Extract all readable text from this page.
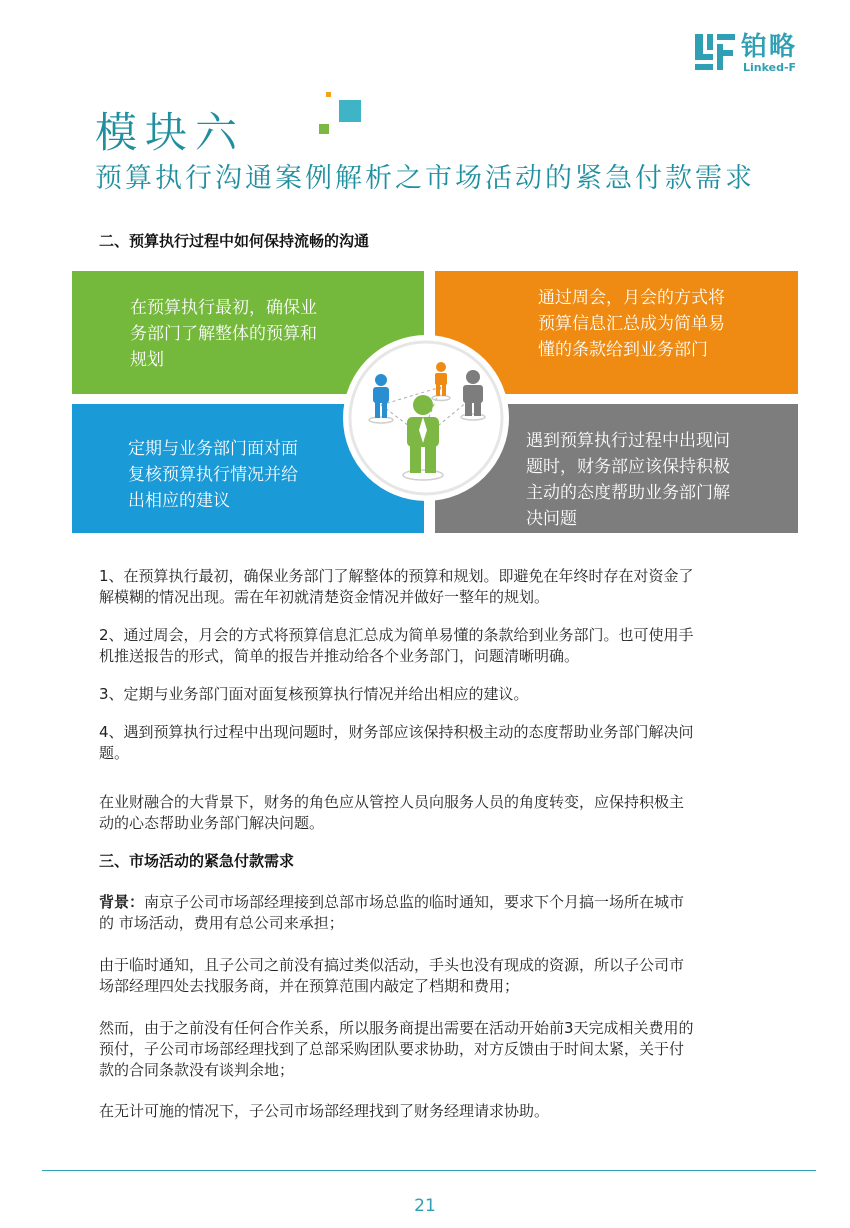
铂略
Linked-F
模块六
预算执行沟通案例解析之市场活动的紧急付款需求
二、预算执行过程中如何保持流畅的沟通
在预算执行最初，确保业
务部门了解整体的预算和
规划
通过周会，月会的方式将
预算信息汇总成为简单易
懂的条款给到业务部门
定期与业务部门面对面
复核预算执行情况并给
出相应的建议
遇到预算执行过程中出现问
题时，财务部应该保持积极
主动的态度帮助业务部门解
决问题
1、在预算执行最初，确保业务部门了解整体的预算和规划。即避免在年终时存在对资金了
解模糊的情况出现。需在年初就清楚资金情况并做好一整年的规划。
2、通过周会，月会的方式将预算信息汇总成为简单易懂的条款给到业务部门。也可使用手
机推送报告的形式，简单的报告并推动给各个业务部门，问题清晰明确。
3、定期与业务部门面对面复核预算执行情况并给出相应的建议。
4、遇到预算执行过程中出现问题时，财务部应该保持积极主动的态度帮助业务部门解决问
题。
在业财融合的大背景下，财务的角色应从管控人员向服务人员的角度转变，应保持积极主
动的心态帮助业务部门解决问题。
三、市场活动的紧急付款需求
背景：南京子公司市场部经理接到总部市场总监的临时通知，要求下个月搞一场所在城市
的 市场活动，费用有总公司来承担；
由于临时通知，且子公司之前没有搞过类似活动，手头也没有现成的资源，所以子公司市
场部经理四处去找服务商，并在预算范围内敲定了档期和费用；
然而，由于之前没有任何合作关系，所以服务商提出需要在活动开始前3天完成相关费用的
预付，子公司市场部经理找到了总部采购团队要求协助，对方反馈由于时间太紧，关于付
款的合同条款没有谈判余地；
在无计可施的情况下，子公司市场部经理找到了财务经理请求协助。
21
